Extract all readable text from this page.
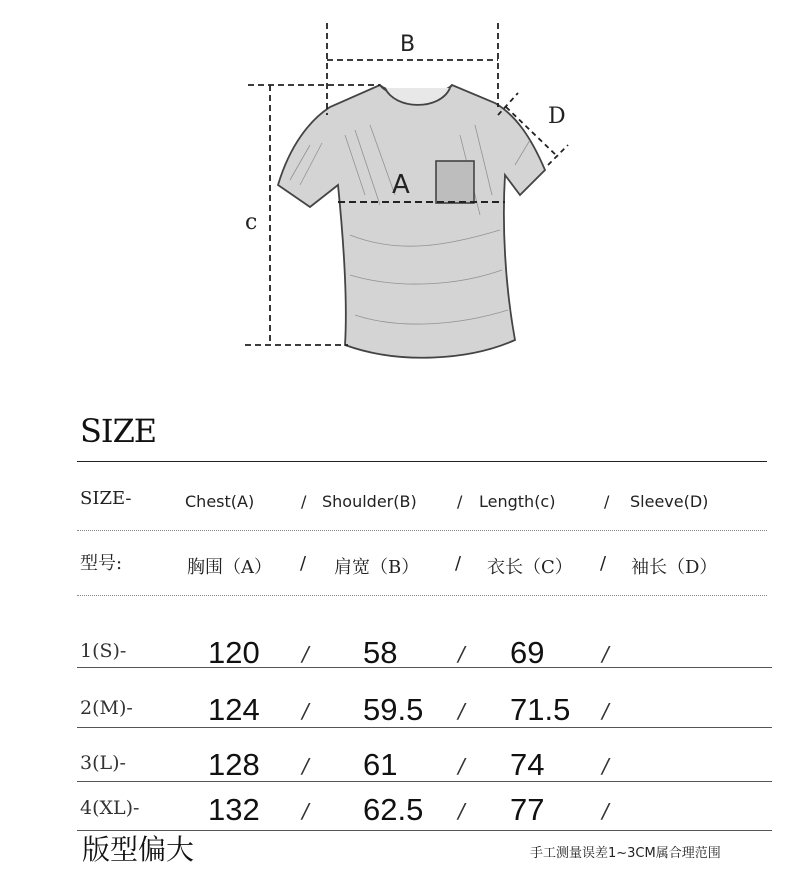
A
B
c
D
SIZE
SIZE-	Chest(A)	/ Shoulder(B)	/ Length(c)	/ Sleeve(D)
型号:	胸围（A） / 肩宽（B） / 衣长（C） / 袖长（D）
1(S)-	120 / 58	/ 69	/
2(M)- 124 / 59.5 / 71.5 /
3(L)-	128 / 61	/ 74	/
4(XL)- 132 / 62.5 / 77	/
版型偏大	手工测量误差1~3CM属合理范围
